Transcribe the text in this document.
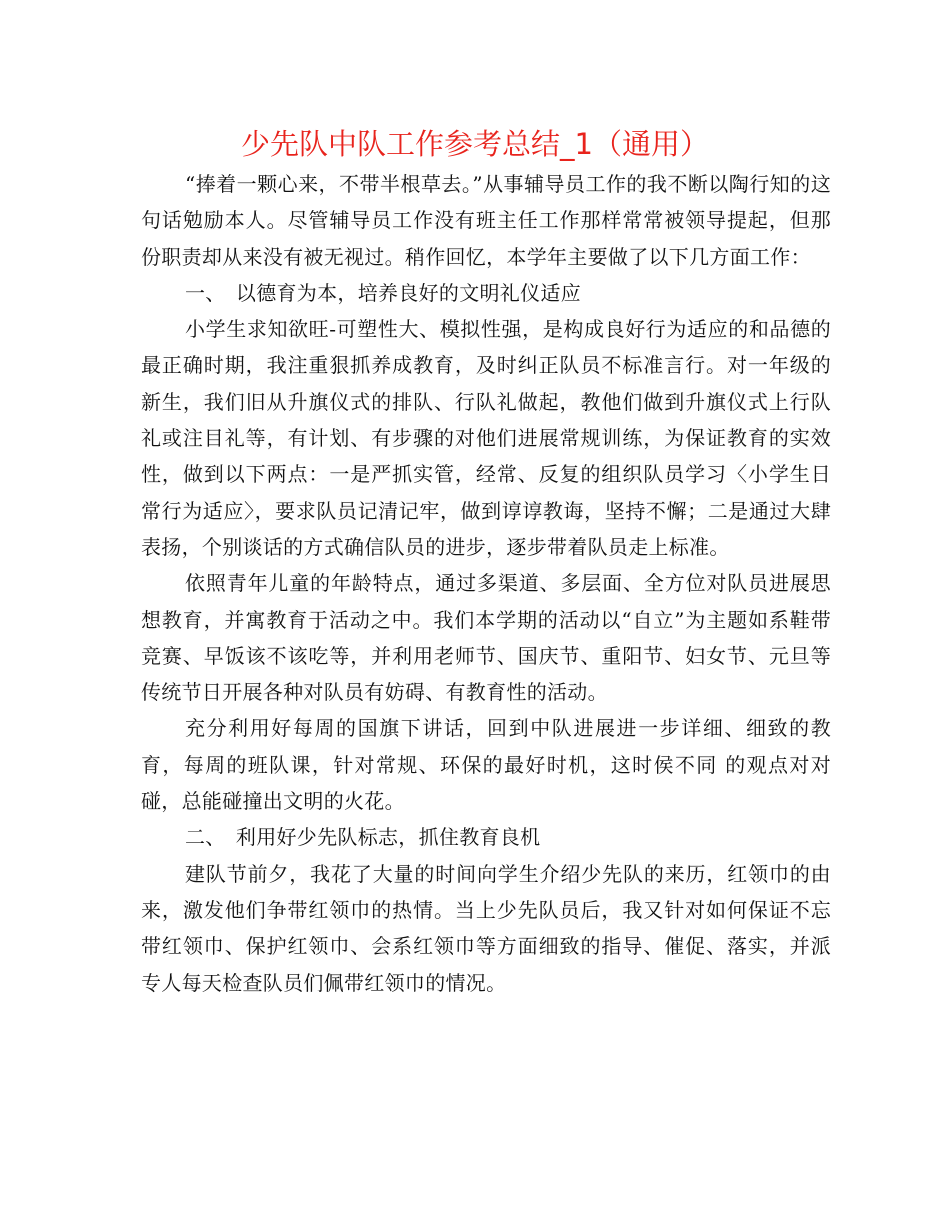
少先队中队工作参考总结_1（通用）

“捧着一颗心来，不带半根草去。”从事辅导员工作的我不断以陶行知的这句话勉励本人。尽管辅导员工作没有班主任工作那样常常被领导提起，但那份职责却从来没有被无视过。稍作回忆，本学年主要做了以下几方面工作：

一、　以德育为本，培养良好的文明礼仪适应

小学生求知欲旺-可塑性大、模拟性强，是构成良好行为适应的和品德的最正确时期，我注重狠抓养成教育，及时纠正队员不标准言行。对一年级的新生，我们旧从升旗仪式的排队、行队礼做起，教他们做到升旗仪式上行队礼或注目礼等，有计划、有步骤的对他们进展常规训练，为保证教育的实效性，做到以下两点：一是严抓实管，经常、反复的组织队员学习〈小学生日常行为适应〉，要求队员记清记牢，做到谆谆教诲，坚持不懈；二是通过大肆表扬，个别谈话的方式确信队员的进步，逐步带着队员走上标准。

依照青年儿童的年龄特点，通过多渠道、多层面、全方位对队员进展思想教育，并寓教育于活动之中。我们本学期的活动以“自立”为主题如系鞋带竞赛、早饭该不该吃等，并利用老师节、国庆节、重阳节、妇女节、元旦等传统节日开展各种对队员有妨碍、有教育性的活动。

充分利用好每周的国旗下讲话，回到中队进展进一步详细、细致的教育，每周的班队课，针对常规、环保的最好时机，这时侯不同 的观点对对碰，总能碰撞出文明的火花。

二、　利用好少先队标志，抓住教育良机

建队节前夕，我花了大量的时间向学生介绍少先队的来历，红领巾的由来，激发他们争带红领巾的热情。当上少先队员后，我又针对如何保证不忘带红领巾、保护红领巾、会系红领巾等方面细致的指导、催促、落实，并派专人每天检查队员们佩带红领巾的情况。
